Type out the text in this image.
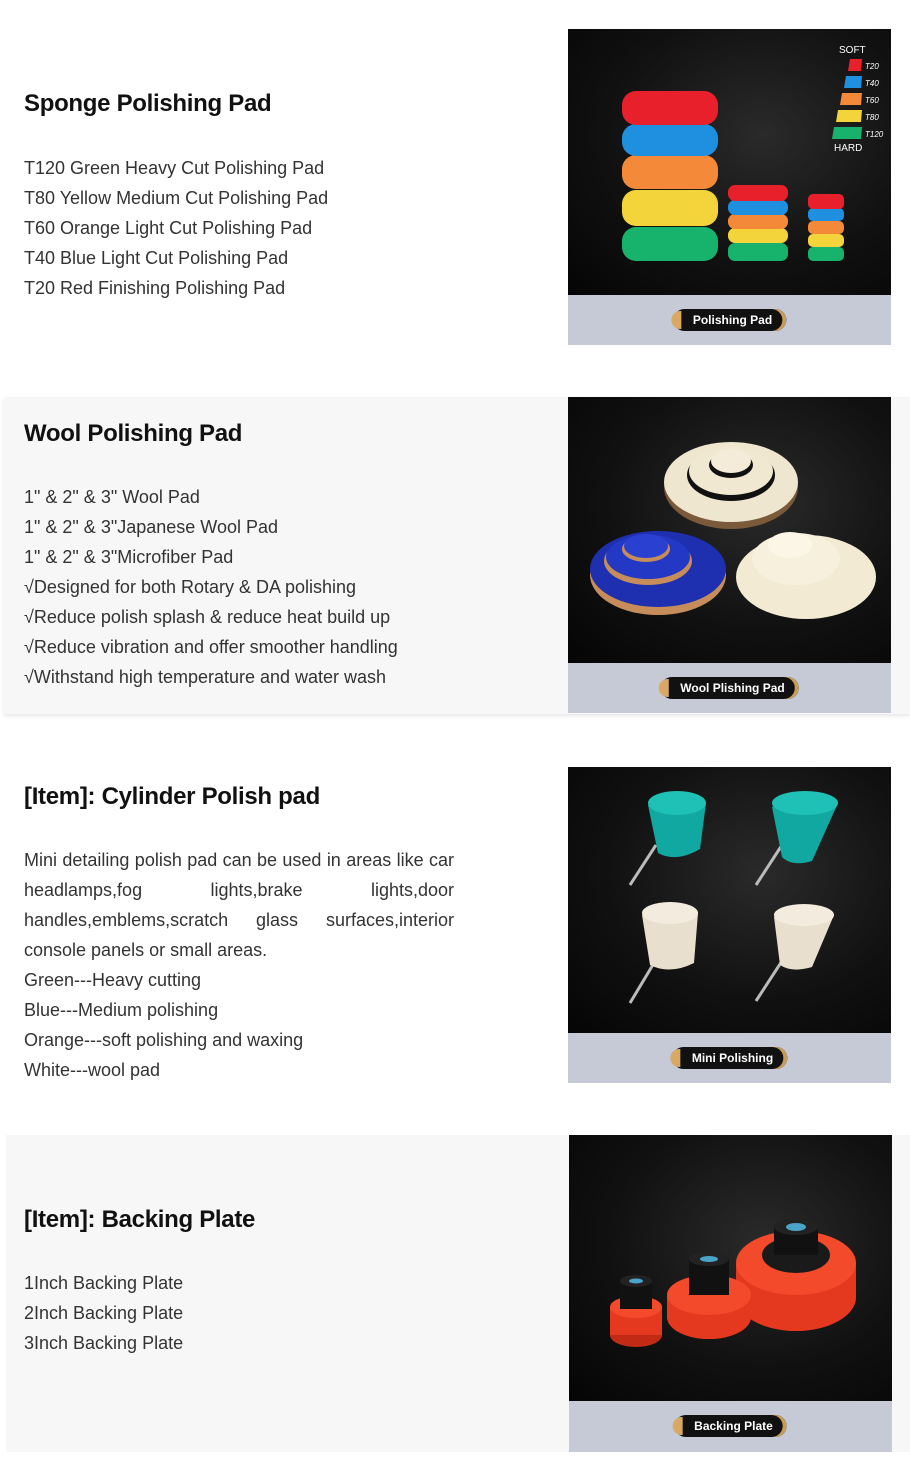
Sponge Polishing Pad
T120 Green Heavy Cut Polishing Pad
T80 Yellow Medium Cut Polishing Pad
T60 Orange Light Cut Polishing Pad
T40 Blue Light Cut Polishing Pad
T20 Red Finishing Polishing Pad
SOFT
T20
T40
T60
T80
T120
HARD
Polishing Pad
Wool Polishing Pad
1" & 2" & 3" Wool Pad
1" & 2" & 3"Japanese Wool Pad
1" & 2" & 3"Microfiber Pad
√Designed for both Rotary & DA polishing
√Reduce polish splash & reduce heat build up
√Reduce vibration and offer smoother handling
√Withstand high temperature and water wash
Wool Plishing Pad
[Item]: Cylinder Polish pad
Mini detailing polish pad can be used in areas like car headlamps,fog lights,brake lights,door handles,emblems,scratch glass surfaces,interior console panels or small areas.
Green---Heavy cutting
Blue---Medium polishing
Orange---soft polishing and waxing
White---wool pad
Mini Polishing
[Item]: Backing Plate
1Inch Backing Plate
2Inch Backing Plate
3Inch Backing Plate
Backing Plate
